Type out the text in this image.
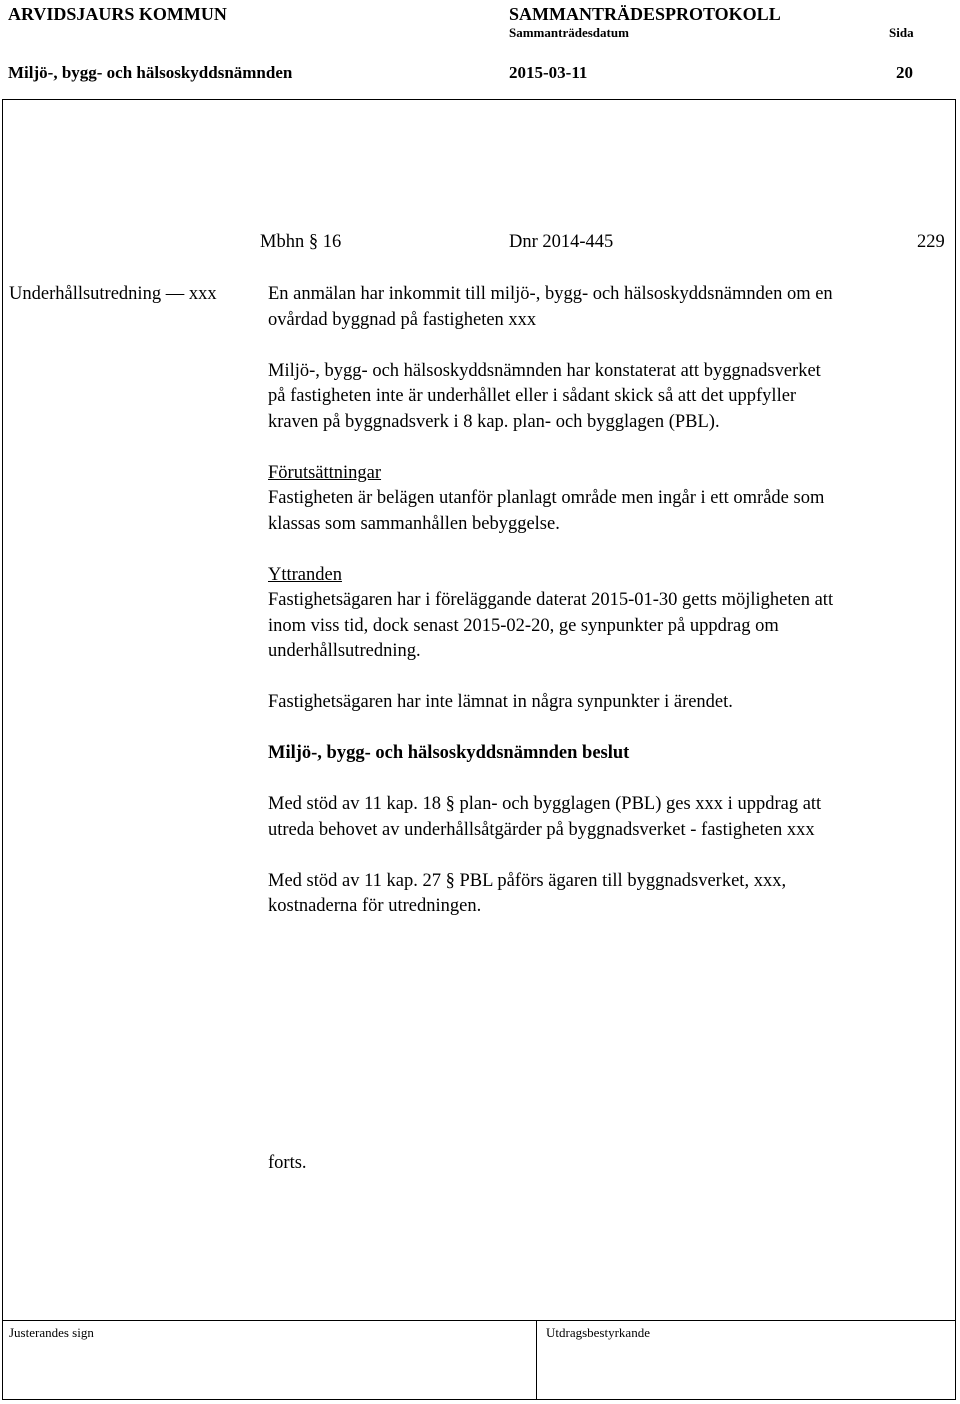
ARVIDSJAURS KOMMUN	SAMMANTRÄDESPROTOKOLL
Sammanträdesdatum	Sida
Miljö-, bygg- och hälsoskyddsnämnden	2015-03-11	20
Mbhn § 16	Dnr 2014-445	229
Underhållsutredning — xxx	En anmälan har inkommit till miljö-, bygg- och hälsoskyddsnämnden om en
ovårdad byggnad på fastigheten xxx

Miljö-, bygg- och hälsoskyddsnämnden har konstaterat att byggnadsverket
på fastigheten inte är underhållet eller i sådant skick så att det uppfyller
kraven på byggnadsverk i 8 kap. plan- och bygglagen (PBL).

Förutsättningar
Fastigheten är belägen utanför planlagt område men ingår i ett område som
klassas som sammanhållen bebyggelse.

Yttranden
Fastighetsägaren har i föreläggande daterat 2015-01-30 getts möjligheten att
inom viss tid, dock senast 2015-02-20, ge synpunkter på uppdrag om
underhållsutredning.

Fastighetsägaren har inte lämnat in några synpunkter i ärendet.

Miljö-, bygg- och hälsoskyddsnämnden beslut

Med stöd av 11 kap. 18 § plan- och bygglagen (PBL) ges xxx i uppdrag att
utreda behovet av underhållsåtgärder på byggnadsverket - fastigheten xxx

Med stöd av 11 kap. 27 § PBL påförs ägaren till byggnadsverket, xxx,
kostnaderna för utredningen.

forts.
Justerandes sign	Utdragsbestyrkande
